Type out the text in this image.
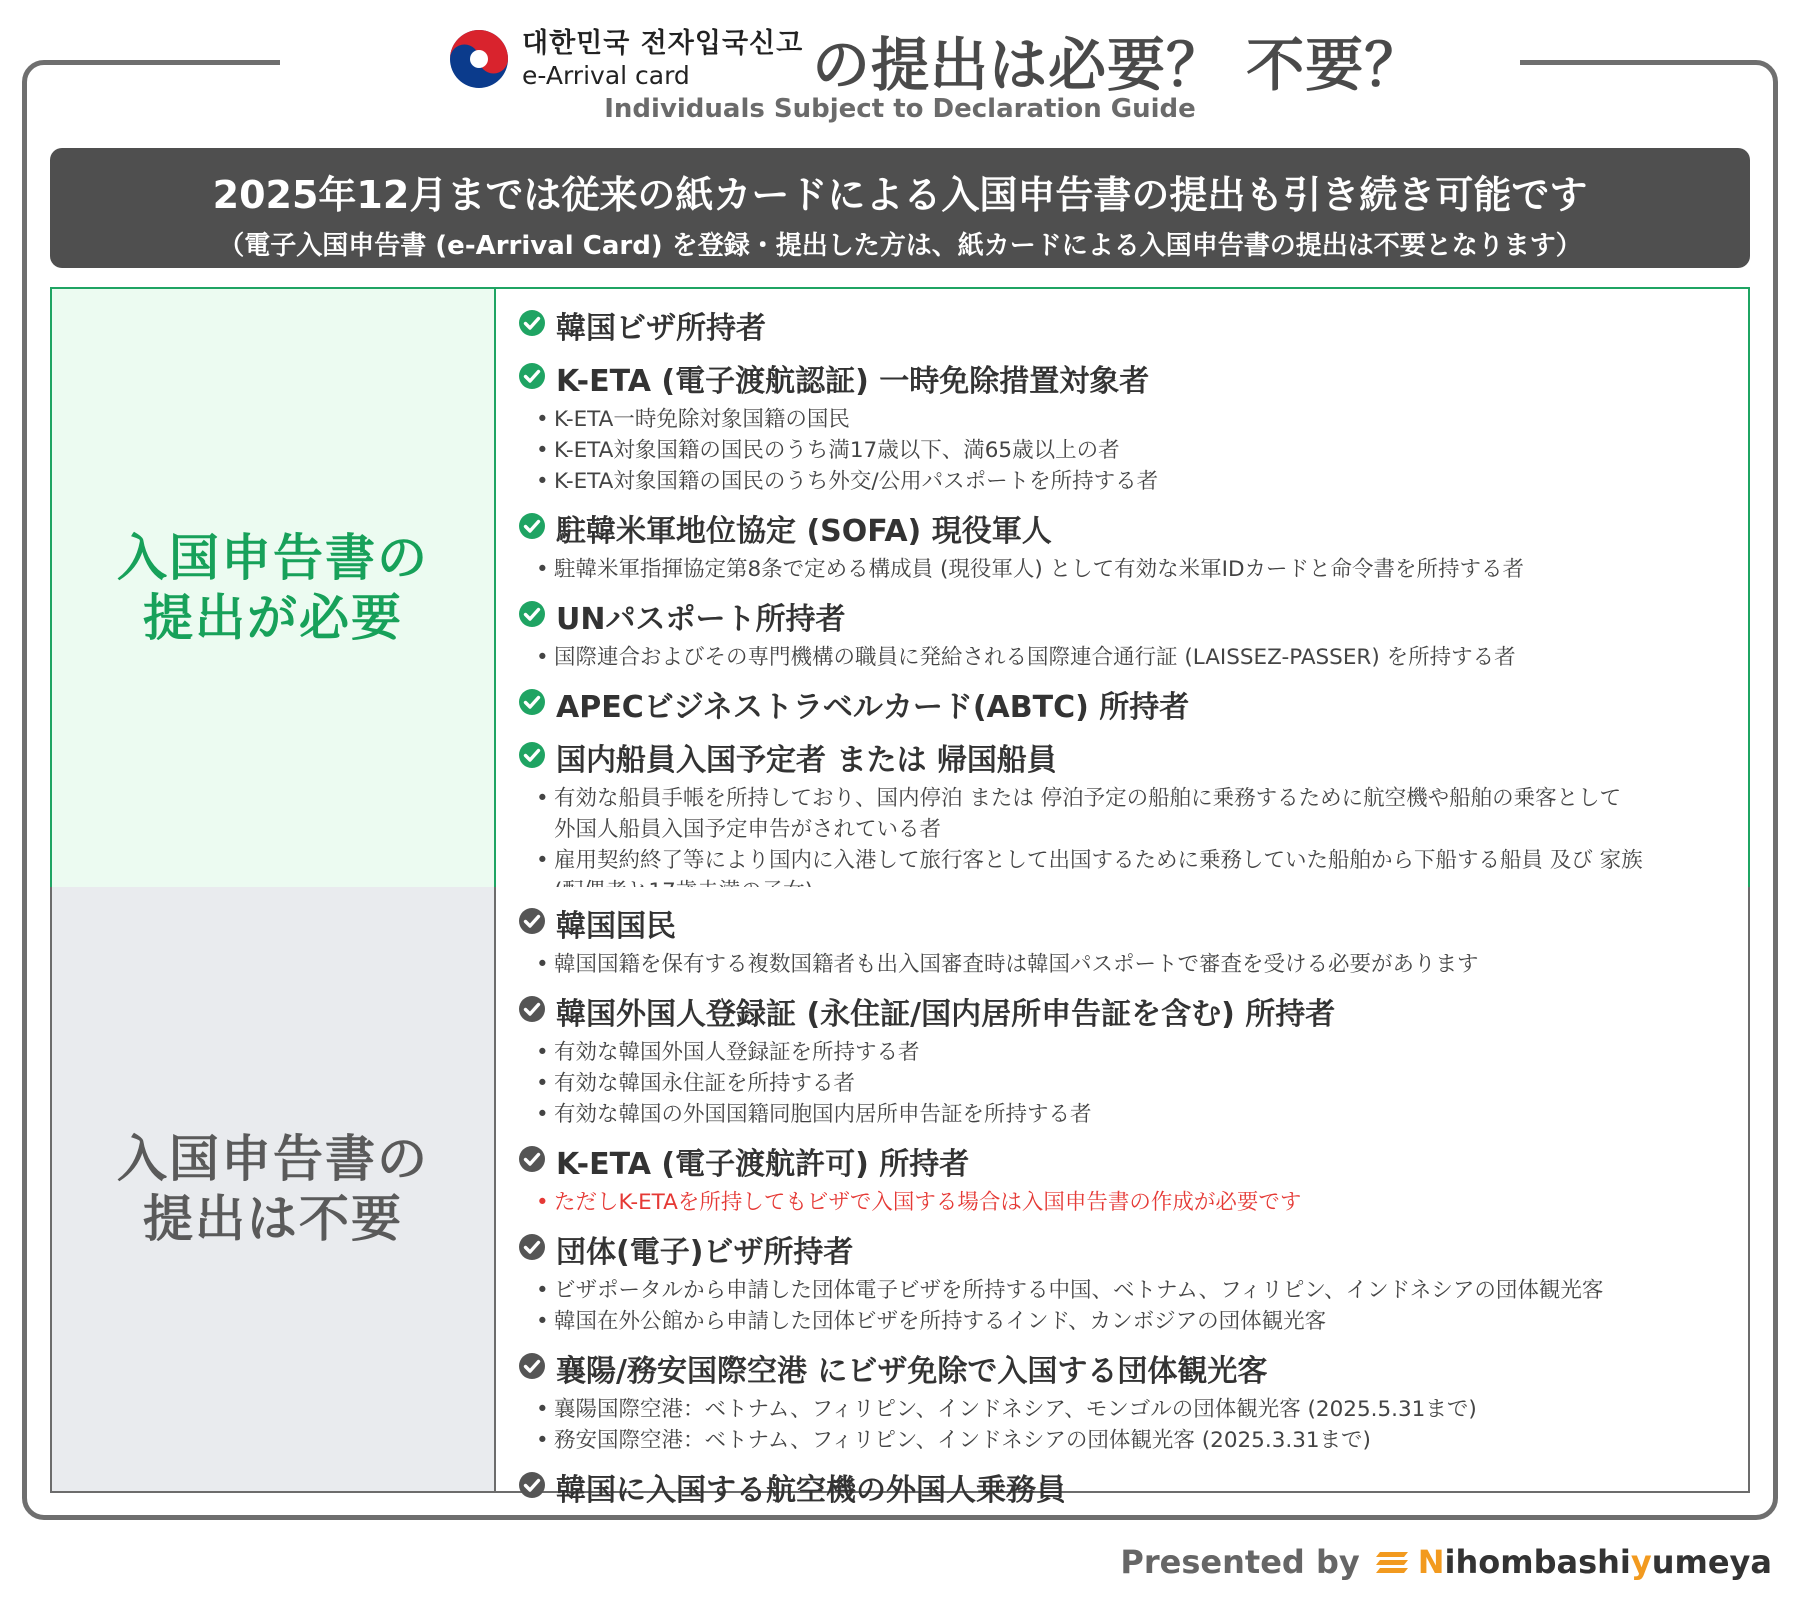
대한민국 전자입국신고
e-Arrival card	の提出は必要？ 不要？
Individuals Subject to Declaration Guide
2025年12月までは従来の紙カードによる入国申告書の提出も引き続き可能です
（電子入国申告書 (e-Arrival Card) を登録・提出した方は、紙カードによる入国申告書の提出は不要となります）
入国申告書の
提出が必要
韓国ビザ所持者
K-ETA (電子渡航認証) 一時免除措置対象者
• K-ETA一時免除対象国籍の国民
• K-ETA対象国籍の国民のうち満17歳以下、満65歳以上の者
• K-ETA対象国籍の国民のうち外交/公用パスポートを所持する者
駐韓米軍地位協定 (SOFA) 現役軍人
• 駐韓米軍指揮協定第8条で定める構成員 (現役軍人) として有効な米軍IDカードと命令書を所持する者
UNパスポート所持者
• 国際連合およびその専門機構の職員に発給される国際連合通行証 (LAISSEZ-PASSER) を所持する者
APECビジネストラベルカード(ABTC) 所持者
国内船員入国予定者 または 帰国船員
• 有効な船員手帳を所持しており、国内停泊 または 停泊予定の船舶に乗務するために航空機や船舶の乗客として
外国人船員入国予定申告がされている者
• 雇用契約終了等により国内に入港して旅行客として出国するために乗務していた船舶から下船する船員 及び 家族
入国申告書の
提出は不要
韓国国民
• 韓国国籍を保有する複数国籍者も出入国審査時は韓国パスポートで審査を受ける必要があります
韓国外国人登録証 (永住証/国内居所申告証を含む) 所持者
• 有効な韓国外国人登録証を所持する者
• 有効な韓国永住証を所持する者
• 有効な韓国の外国国籍同胞国内居所申告証を所持する者
K-ETA (電子渡航許可) 所持者
• ただしK-ETAを所持してもビザで入国する場合は入国申告書の作成が必要です
団体(電子)ビザ所持者
• ビザポータルから申請した団体電子ビザを所持する中国、ベトナム、フィリピン、インドネシアの団体観光客
• 韓国在外公館から申請した団体ビザを所持するインド、カンボジアの団体観光客
襄陽/務安国際空港 にビザ免除で入国する団体観光客
• 襄陽国際空港：ベトナム、フィリピン、インドネシア、モンゴルの団体観光客 (2025.5.31まで)
• 務安国際空港：ベトナム、フィリピン、インドネシアの団体観光客 (2025.3.31まで)
韓国に入国する航空機の外国人乗務員
Presented by Nihombashiyumeya
